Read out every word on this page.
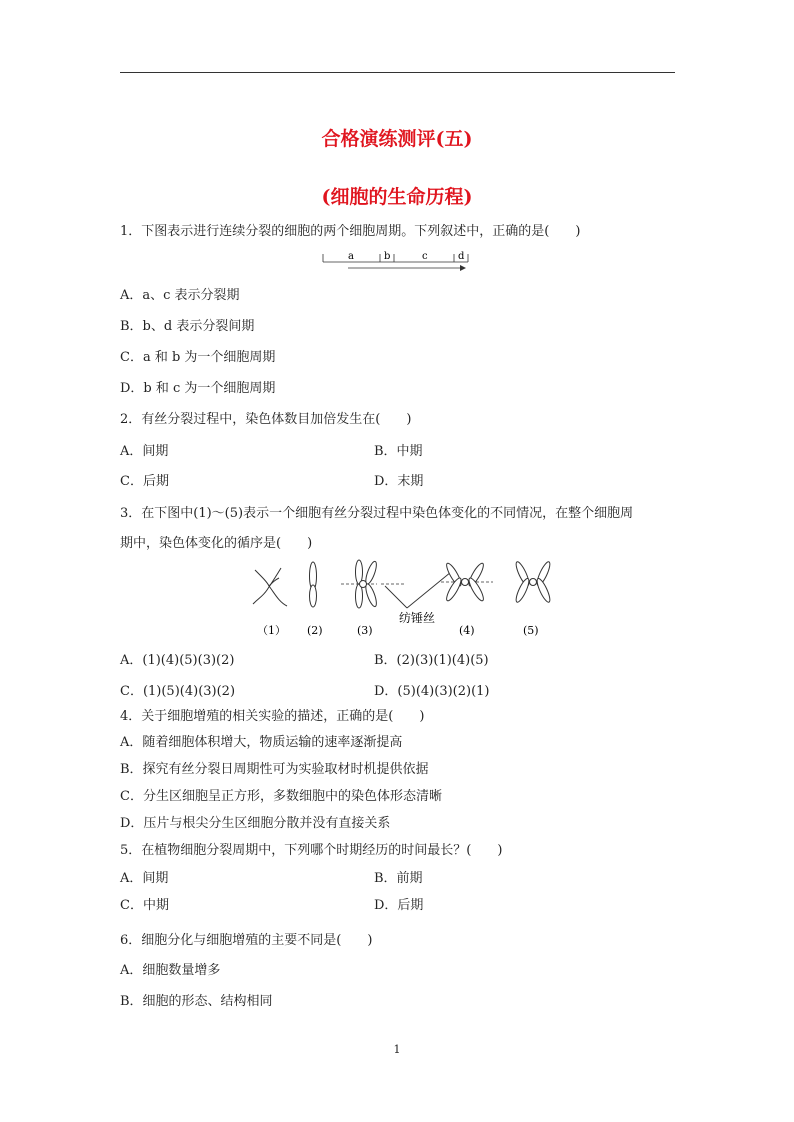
合格演练测评(五)
(细胞的生命历程)
1．下图表示进行连续分裂的细胞的两个细胞周期。下列叙述中，正确的是(　　)
a	b	c	d
A．a、c 表示分裂期
B．b、d 表示分裂间期
C．a 和 b 为一个细胞周期
D．b 和 c 为一个细胞周期
2．有丝分裂过程中，染色体数目加倍发生在(　　)
A．间期	B．中期
C．后期	D．末期
3．在下图中(1)～(5)表示一个细胞有丝分裂过程中染色体变化的不同情况，在整个细胞周
期中，染色体变化的循序是(　　)
纺锤丝
（1） (2)	(3)	(4)	(5)
A．(1)(4)(5)(3)(2)	B．(2)(3)(1)(4)(5)
C．(1)(5)(4)(3)(2)	D．(5)(4)(3)(2)(1)
4．关于细胞增殖的相关实验的描述，正确的是(　　)
A．随着细胞体积增大，物质运输的速率逐渐提高
B．探究有丝分裂日周期性可为实验取材时机提供依据
C．分生区细胞呈正方形，多数细胞中的染色体形态清晰
D．压片与根尖分生区细胞分散并没有直接关系
5．在植物细胞分裂周期中，下列哪个时期经历的时间最长？(　　)
A．间期	B．前期
C．中期	D．后期
6．细胞分化与细胞增殖的主要不同是(　　)
A．细胞数量增多
B．细胞的形态、结构相同
1
